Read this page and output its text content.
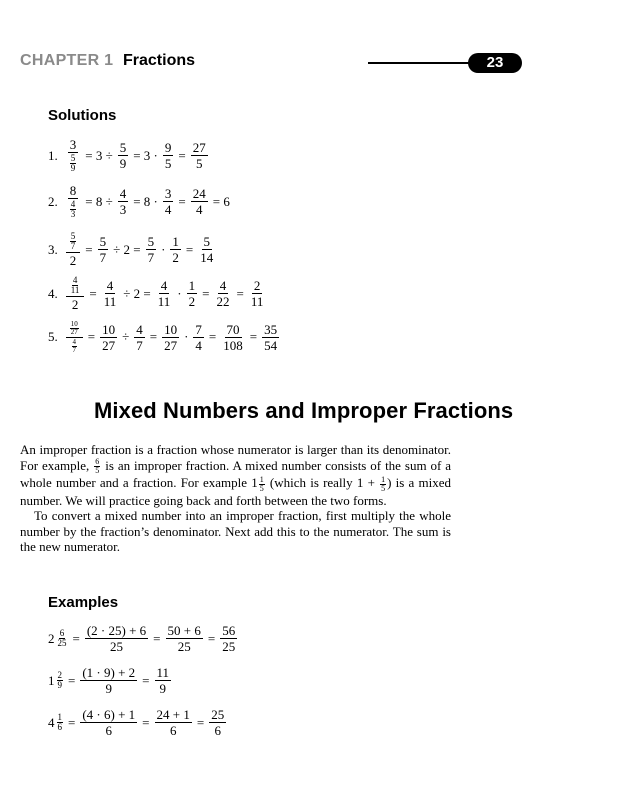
CHAPTER 1 Fractions	23
Solutions
1. $\frac{3}{\frac{5}{9}} = 3 \div \frac{5}{9} = 3 \cdot \frac{9}{5} = \frac{27}{5}$
2. $\frac{8}{\frac{4}{3}} = 8 \div \frac{4}{3} = 8 \cdot \frac{3}{4} = \frac{24}{4} = 6$
3. $\frac{\frac{5}{7}}{2} = \frac{5}{7} \div 2 = \frac{5}{7} \cdot \frac{1}{2} = \frac{5}{14}$
4. $\frac{\frac{4}{11}}{2} = \frac{4}{11} \div 2 = \frac{4}{11} \cdot \frac{1}{2} = \frac{4}{22} = \frac{2}{11}$
5. $\frac{\frac{10}{27}}{\frac{4}{7}} = \frac{10}{27} \div \frac{4}{7} = \frac{10}{27} \cdot \frac{7}{4} = \frac{70}{108} = \frac{35}{54}$
Mixed Numbers and Improper Fractions

An improper fraction is a fraction whose numerator is larger than its denominator. For example, $\frac{6}{5}$ is an improper fraction. A mixed number consists of the sum of a whole number and a fraction. For example $1 \frac{1}{5}$ (which is really $1 + \frac{1}{5}$ ) is a mixed number. We will practice going back and forth between the two forms.

To convert a mixed number into an improper fraction, first multiply the whole number by the fraction’s denominator. Next add this to the numerator. The sum is the new numerator.

Examples
$2 \frac{6}{25} = \frac{(2 \cdot 25) + 6}{25} = \frac{50 + 6}{25} = \frac{56}{25}$
$1 \frac{2}{9} = \frac{(1 \cdot 9) + 2}{9} = \frac{11}{9}$
$4 \frac{1}{6} = \frac{(4 \cdot 6) + 1}{6} = \frac{24 + 1}{6} = \frac{25}{6}$
